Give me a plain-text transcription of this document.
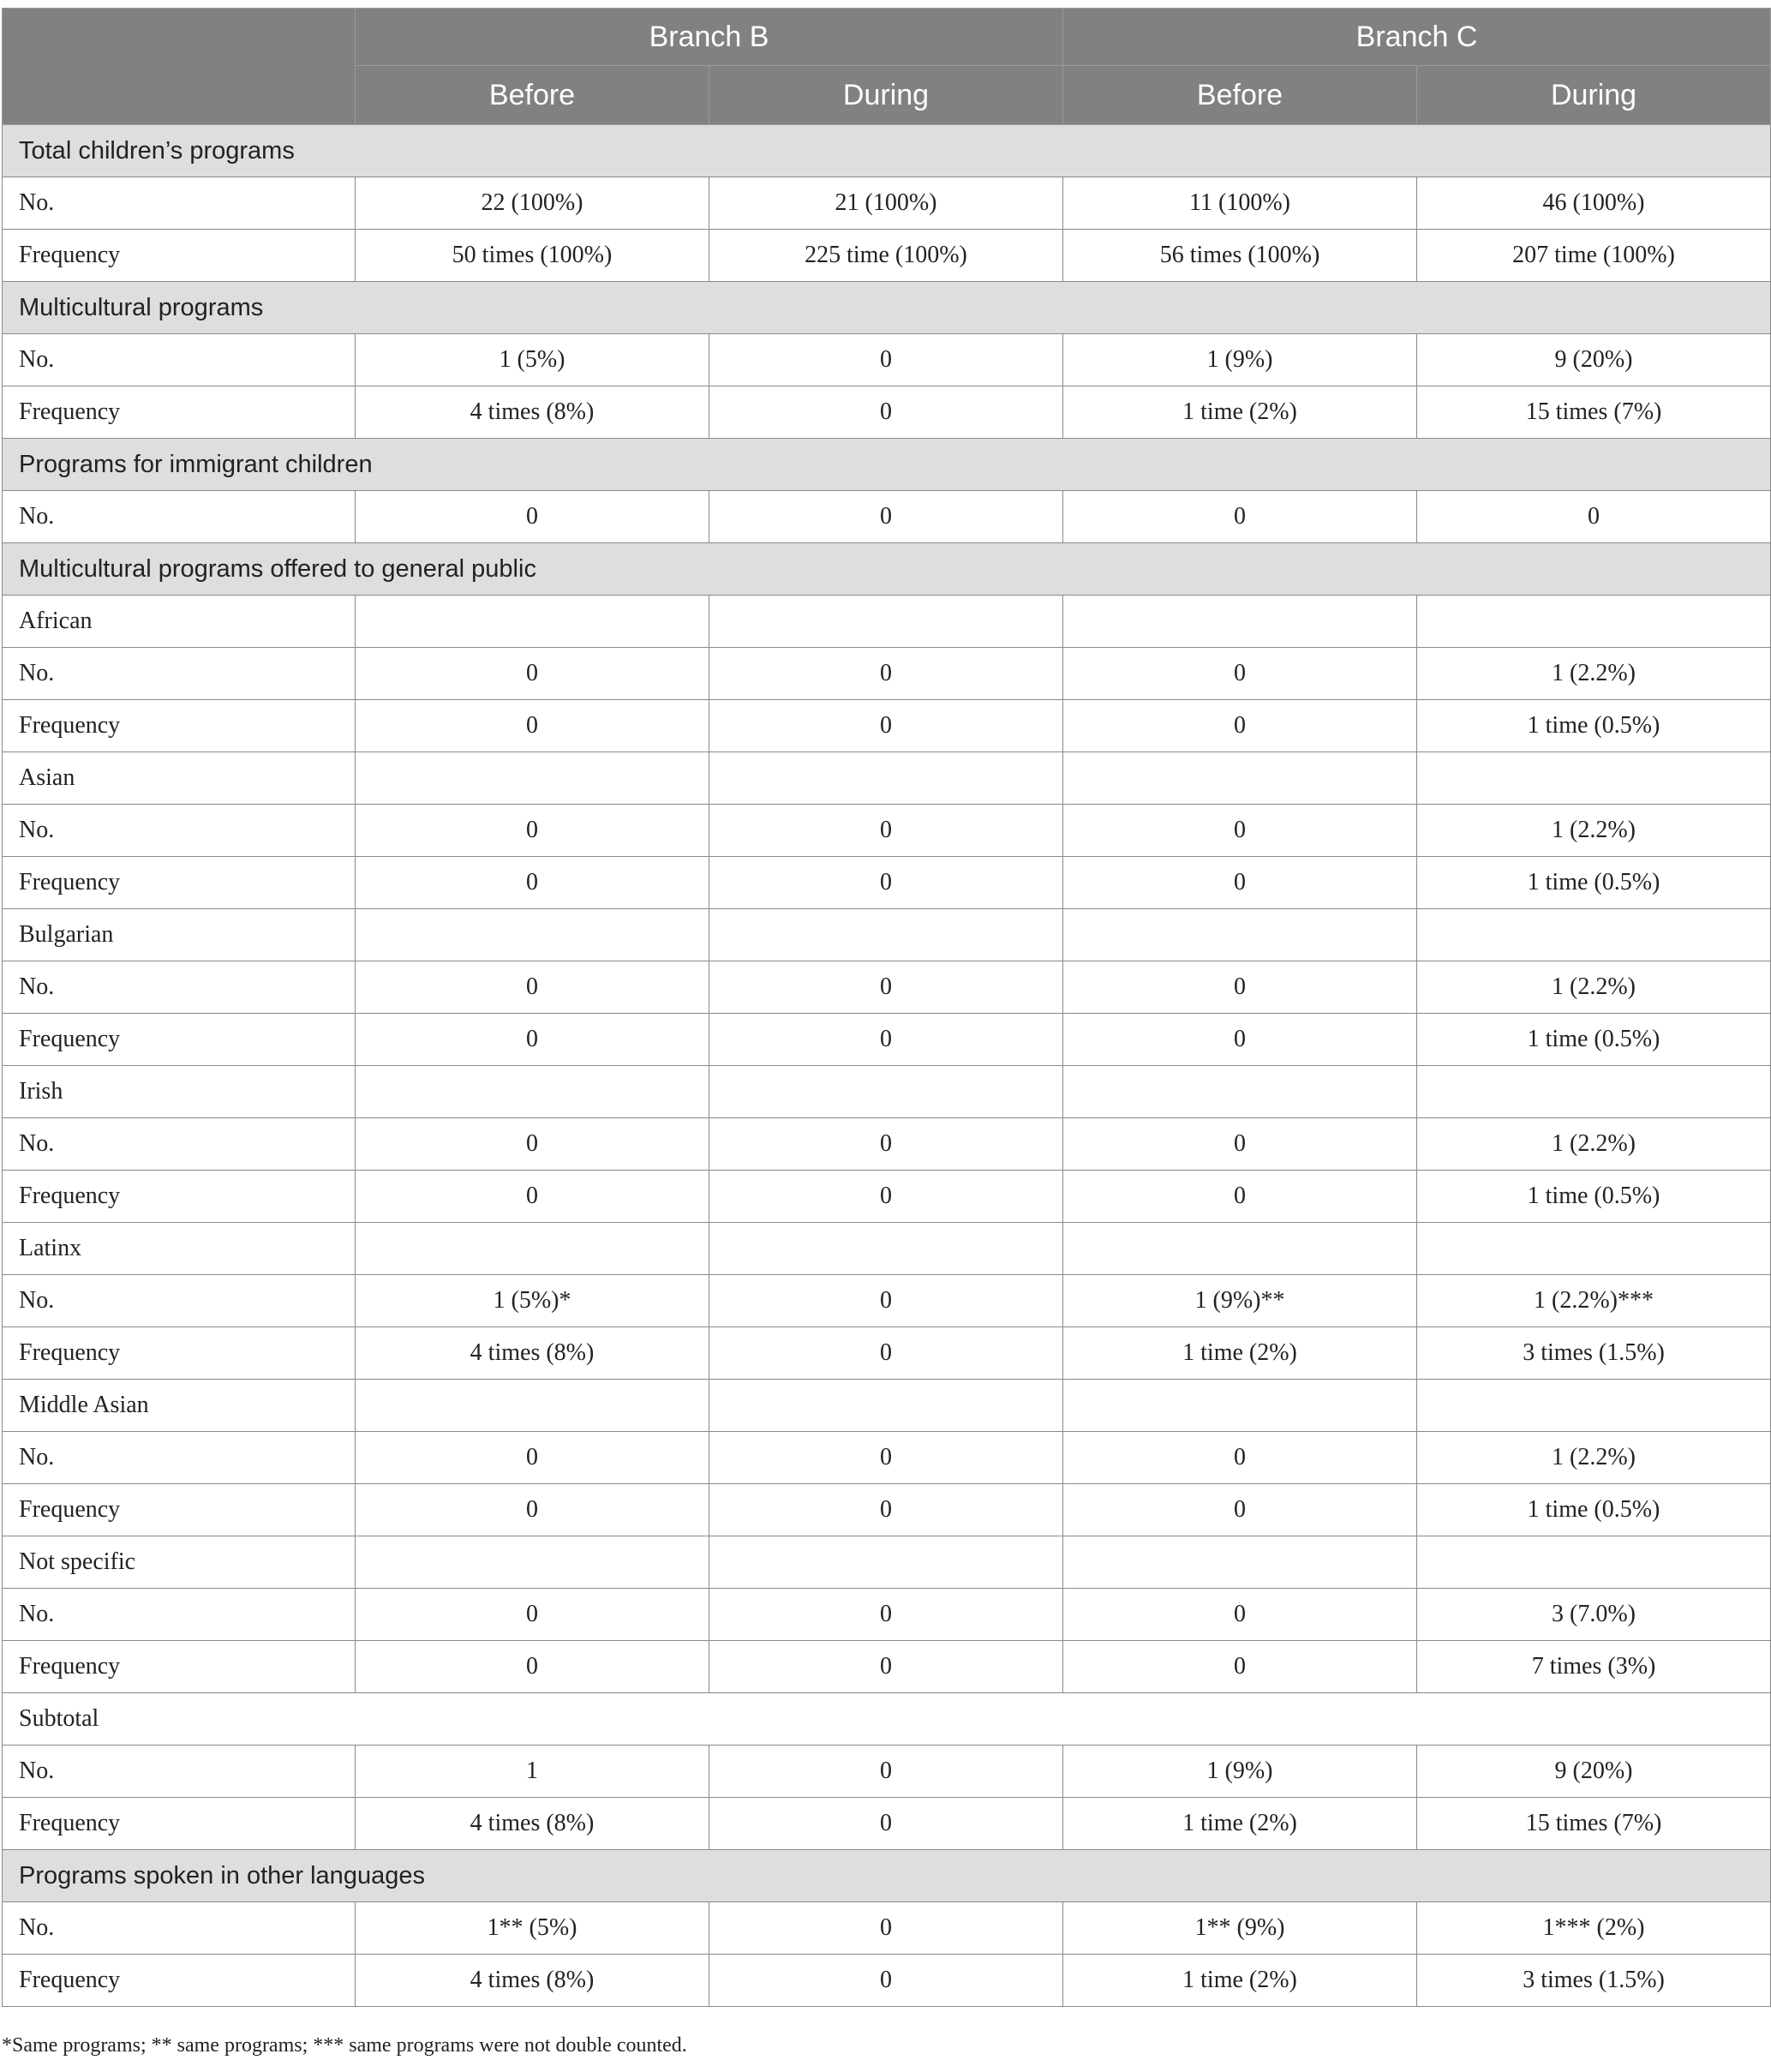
	Branch B		Branch C	
	Before	During	Before	During
Total children’s programs				
No.	22 (100%)	21 (100%)	11 (100%)	46 (100%)
Frequency	50 times (100%)	225 time (100%)	56 times (100%)	207 time (100%)
Multicultural programs				
No.	1 (5%)	0	1 (9%)	9 (20%)
Frequency	4 times (8%)	0	1 time (2%)	15 times (7%)
Programs for immigrant children				
No.	0	0	0	0
Multicultural programs offered to general public				
African				
No.	0	0	0	1 (2.2%)
Frequency	0	0	0	1 time (0.5%)
Asian				
No.	0	0	0	1 (2.2%)
Frequency	0	0	0	1 time (0.5%)
Bulgarian				
No.	0	0	0	1 (2.2%)
Frequency	0	0	0	1 time (0.5%)
Irish				
No.	0	0	0	1 (2.2%)
Frequency	0	0	0	1 time (0.5%)
Latinx				
No.	1 (5%)*	0	1 (9%)**	1 (2.2%)***
Frequency	4 times (8%)	0	1 time (2%)	3 times (1.5%)
Middle Asian				
No.	0	0	0	1 (2.2%)
Frequency	0	0	0	1 time (0.5%)
Not specific				
No.	0	0	0	3 (7.0%)
Frequency	0	0	0	7 times (3%)
Subtotal				
No.	1	0	1 (9%)	9 (20%)
Frequency	4 times (8%)	0	1 time (2%)	15 times (7%)
Programs spoken in other languages				
No.	1** (5%)	0	1** (9%)	1*** (2%)
Frequency	4 times (8%)	0	1 time (2%)	3 times (1.5%)
*Same programs; ** same programs; *** same programs were not double counted.
